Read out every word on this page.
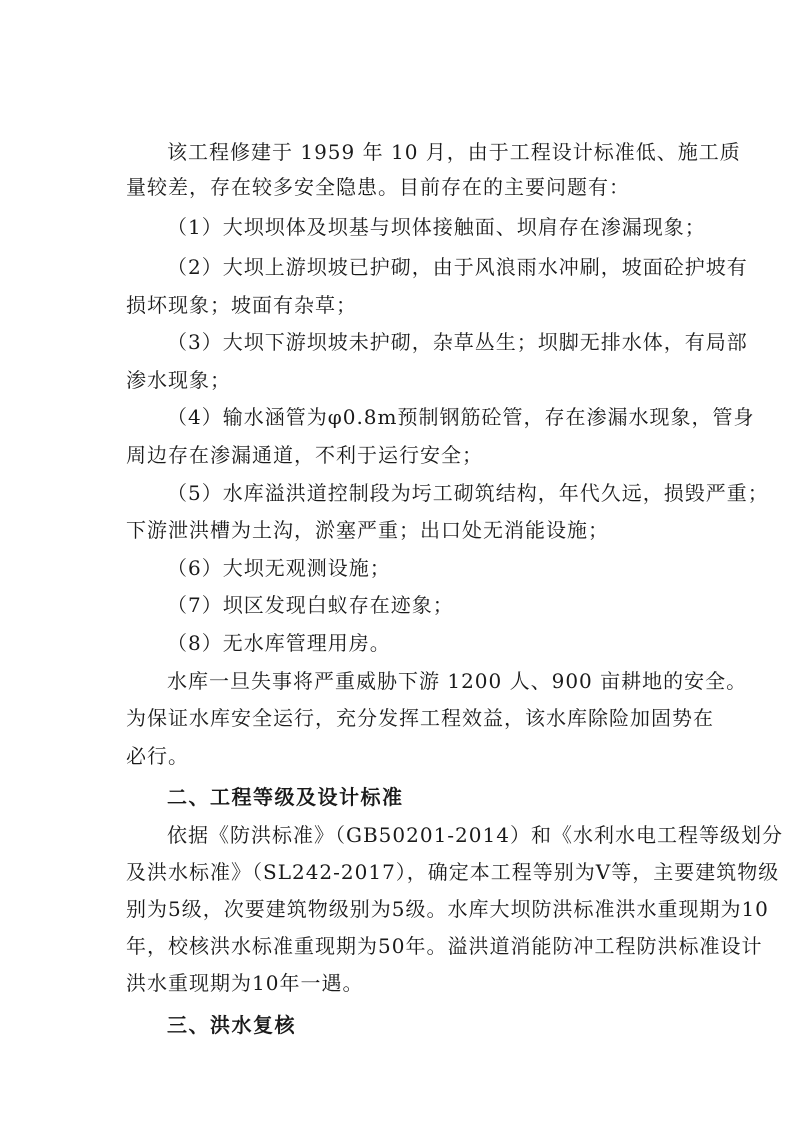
该工程修建于 1959 年 10 月，由于工程设计标准低、施工质
量较差，存在较多安全隐患。目前存在的主要问题有：
（1）大坝坝体及坝基与坝体接触面、坝肩存在渗漏现象；
（2）大坝上游坝坡已护砌，由于风浪雨水冲刷，坡面砼护坡有
损坏现象；坡面有杂草；
（3）大坝下游坝坡未护砌，杂草丛生；坝脚无排水体，有局部
渗水现象；
（4）输水涵管为φ0.8m预制钢筋砼管，存在渗漏水现象，管身
周边存在渗漏通道，不利于运行安全；
（5）水库溢洪道控制段为圬工砌筑结构，年代久远，损毁严重；
下游泄洪槽为土沟，淤塞严重；出口处无消能设施；
（6）大坝无观测设施；
（7）坝区发现白蚁存在迹象；
（8）无水库管理用房。
水库一旦失事将严重威胁下游 1200 人、900 亩耕地的安全。
为保证水库安全运行，充分发挥工程效益，该水库除险加固势在
必行。
二、工程等级及设计标准
依据《防洪标准》（GB50201-2014）和《水利水电工程等级划分
及洪水标准》（SL242-2017），确定本工程等别为Ⅴ等，主要建筑物级
别为5级，次要建筑物级别为5级。水库大坝防洪标准洪水重现期为10
年，校核洪水标准重现期为50年。溢洪道消能防冲工程防洪标准设计
洪水重现期为10年一遇。
三、洪水复核
